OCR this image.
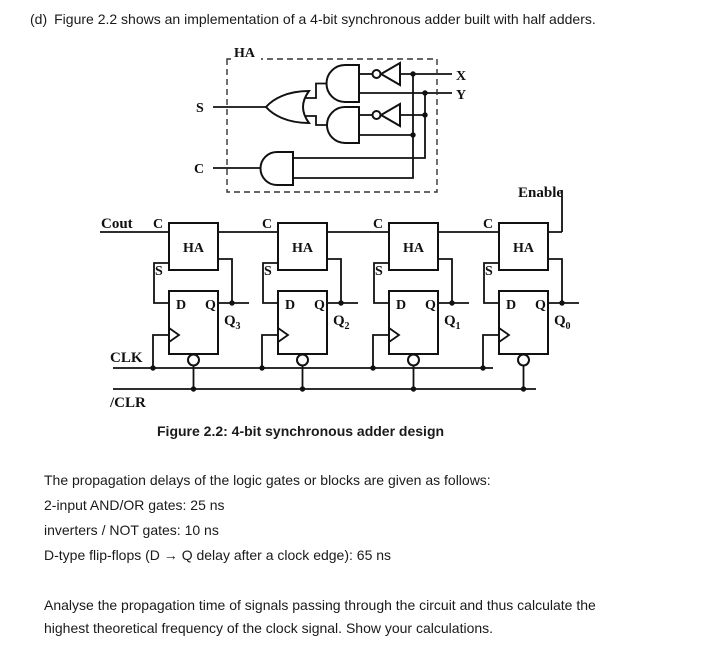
(d) Figure 2.2 shows an implementation of a 4-bit synchronous adder built with half adders.
HA
S
C
X
Y
C
HA
S
D Q
Q 3
C
HA
S
D Q
Q 2
C
HA
S
D Q
Q 1
C
HA
S
D Q
Q 0
Cout
Enable
CLK
/CLR
Figure 2.2: 4-bit synchronous adder design
The propagation delays of the logic gates or blocks are given as follows:
2-input AND/OR gates: 25 ns
inverters / NOT gates: 10 ns
D-type flip-flops (D → Q delay after a clock edge): 65 ns
Analyse the propagation time of signals passing through the circuit and thus calculate the
highest theoretical frequency of the clock signal. Show your calculations.
